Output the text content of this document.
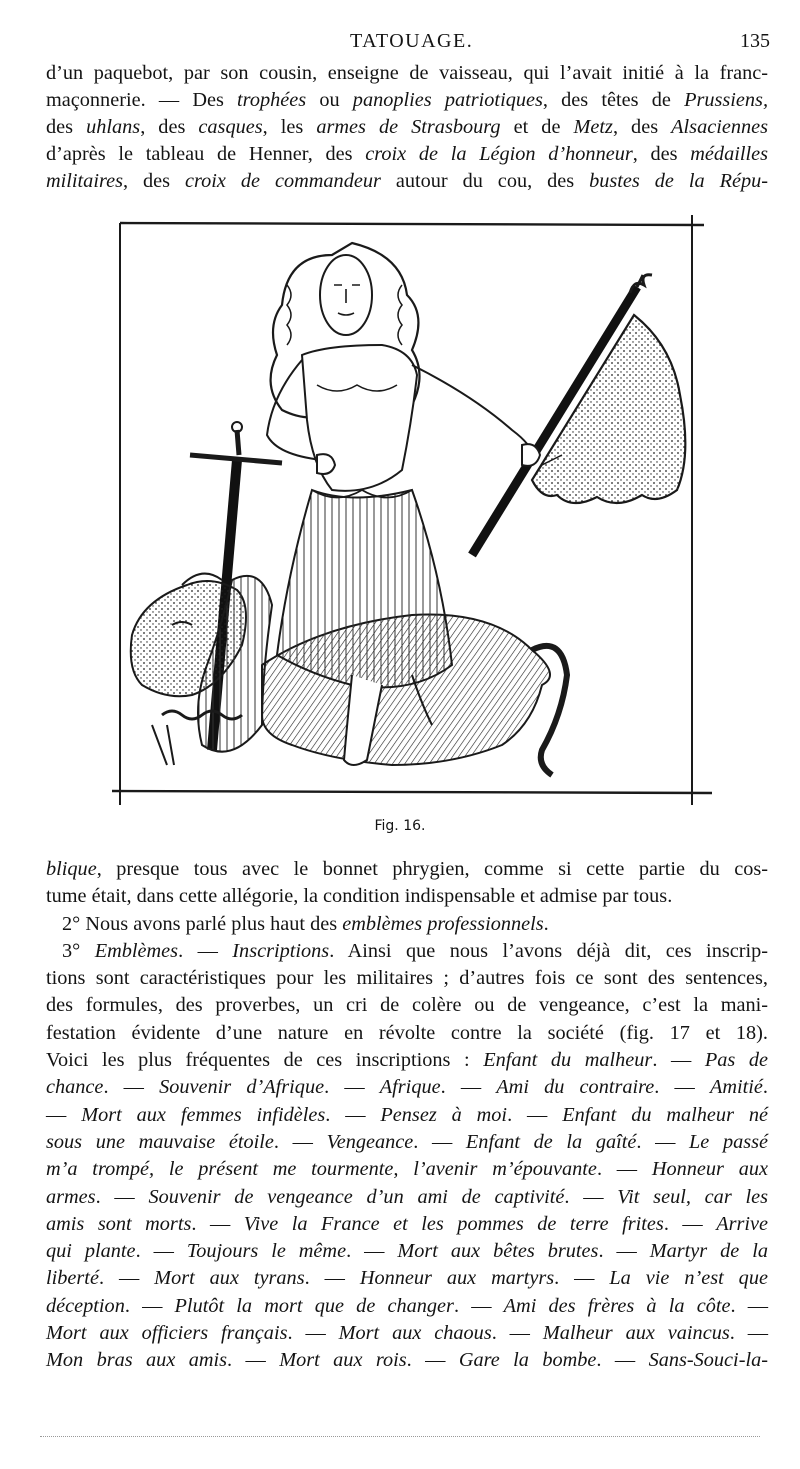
TATOUAGE.	135
d’un paquebot, par son cousin, enseigne de vaisseau, qui l’avait initié à la franc-
maçonnerie. — Des trophées ou panoplies patriotiques, des têtes de Prussiens,
des uhlans, des casques, les armes de Strasbourg et de Metz, des Alsaciennes
d’après le tableau de Henner, des croix de la Légion d’honneur, des médailles
militaires, des croix de commandeur autour du cou, des bustes de la Répu-
Fig. 16.
blique, presque tous avec le bonnet phrygien, comme si cette partie du cos-
tume était, dans cette allégorie, la condition indispensable et admise par tous.
2° Nous avons parlé plus haut des emblèmes professionnels.
3° Emblèmes. — Inscriptions. Ainsi que nous l’avons déjà dit, ces inscrip-
tions sont caractéristiques pour les militaires ; d’autres fois ce sont des sentences,
des formules, des proverbes, un cri de colère ou de vengeance, c’est la mani-
festation évidente d’une nature en révolte contre la société (fig. 17 et 18).
Voici les plus fréquentes de ces inscriptions : Enfant du malheur. — Pas de
chance. — Souvenir d’Afrique. — Afrique. — Ami du contraire. — Amitié.
— Mort aux femmes infidèles. — Pensez à moi. — Enfant du malheur né
sous une mauvaise étoile. — Vengeance. — Enfant de la gaîté. — Le passé
m’a trompé, le présent me tourmente, l’avenir m’épouvante. — Honneur aux
armes. — Souvenir de vengeance d’un ami de captivité. — Vit seul, car les
amis sont morts. — Vive la France et les pommes de terre frites. — Arrive
qui plante. — Toujours le même. — Mort aux bêtes brutes. — Martyr de la
liberté. — Mort aux tyrans. — Honneur aux martyrs. — La vie n’est que
déception. — Plutôt la mort que de changer. — Ami des frères à la côte. —
Mort aux officiers français. — Mort aux chaous. — Malheur aux vaincus. —
Mon bras aux amis. — Mort aux rois. — Gare la bombe. — Sans-Souci-la-
